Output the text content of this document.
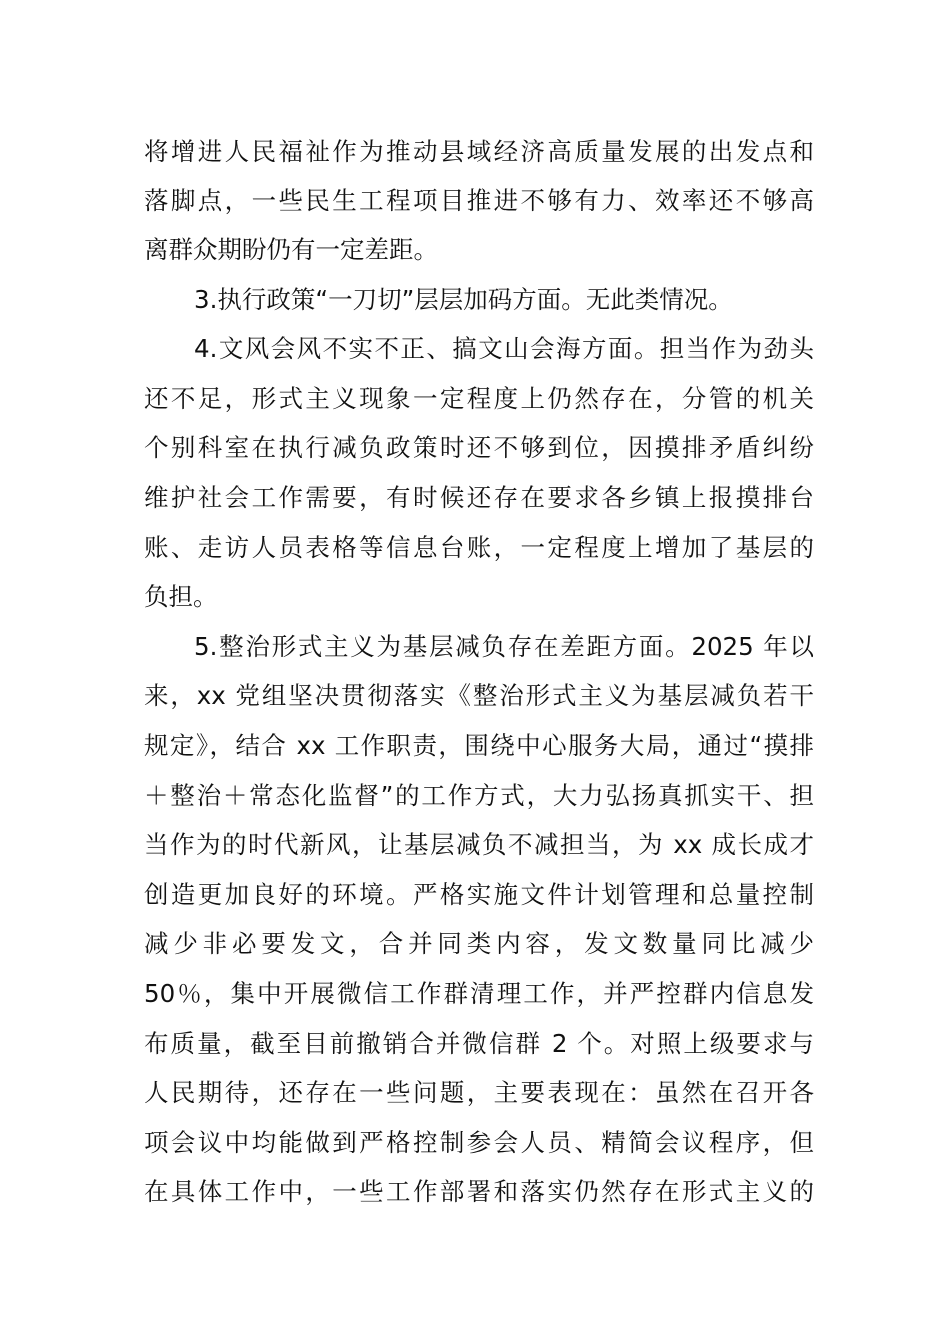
将增进人民福祉作为推动县域经济高质量发展的出发点和
落脚点，一些民生工程项目推进不够有力、效率还不够高
离群众期盼仍有一定差距。
3.执行政策“一刀切”层层加码方面。无此类情况。
4.文风会风不实不正、搞文山会海方面。担当作为劲头
还不足，形式主义现象一定程度上仍然存在，分管的机关
个别科室在执行减负政策时还不够到位，因摸排矛盾纠纷
维护社会工作需要，有时候还存在要求各乡镇上报摸排台
账、走访人员表格等信息台账，一定程度上增加了基层的
负担。
5.整治形式主义为基层减负存在差距方面。2025 年以
来，xx 党组坚决贯彻落实《整治形式主义为基层减负若干
规定》，结合 xx 工作职责，围绕中心服务大局，通过“摸排
＋整治＋常态化监督”的工作方式，大力弘扬真抓实干、担
当作为的时代新风，让基层减负不减担当，为 xx 成长成才
创造更加良好的环境。严格实施文件计划管理和总量控制
减少非必要发文，合并同类内容，发文数量同比减少
50％，集中开展微信工作群清理工作，并严控群内信息发
布质量，截至目前撤销合并微信群 2 个。对照上级要求与
人民期待，还存在一些问题，主要表现在：虽然在召开各
项会议中均能做到严格控制参会人员、精简会议程序，但
在具体工作中，一些工作部署和落实仍然存在形式主义的
